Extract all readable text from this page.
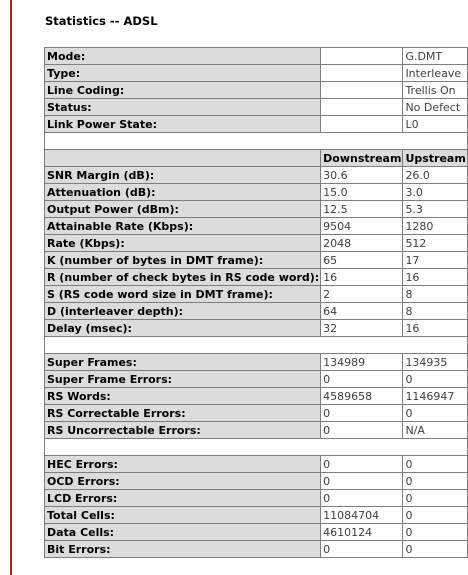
Statistics -- ADSL
Mode:		G.DMT
Type:		Interleave
Line Coding:		Trellis On
Status:		No Defect
Link Power State:		L0

	Downstream	Upstream
SNR Margin (dB):	30.6	26.0
Attenuation (dB):	15.0	3.0
Output Power (dBm):	12.5	5.3
Attainable Rate (Kbps):	9504	1280
Rate (Kbps):	2048	512
K (number of bytes in DMT frame):	65	17
R (number of check bytes in RS code word):	16	16
S (RS code word size in DMT frame):	2	8
D (interleaver depth):	64	8
Delay (msec):	32	16

Super Frames:	134989	134935
Super Frame Errors:	0	0
RS Words:	4589658	1146947
RS Correctable Errors:	0	0
RS Uncorrectable Errors:	0	N/A

HEC Errors:	0	0
OCD Errors:	0	0
LCD Errors:	0	0
Total Cells:	11084704	0
Data Cells:	4610124	0
Bit Errors:	0	0
